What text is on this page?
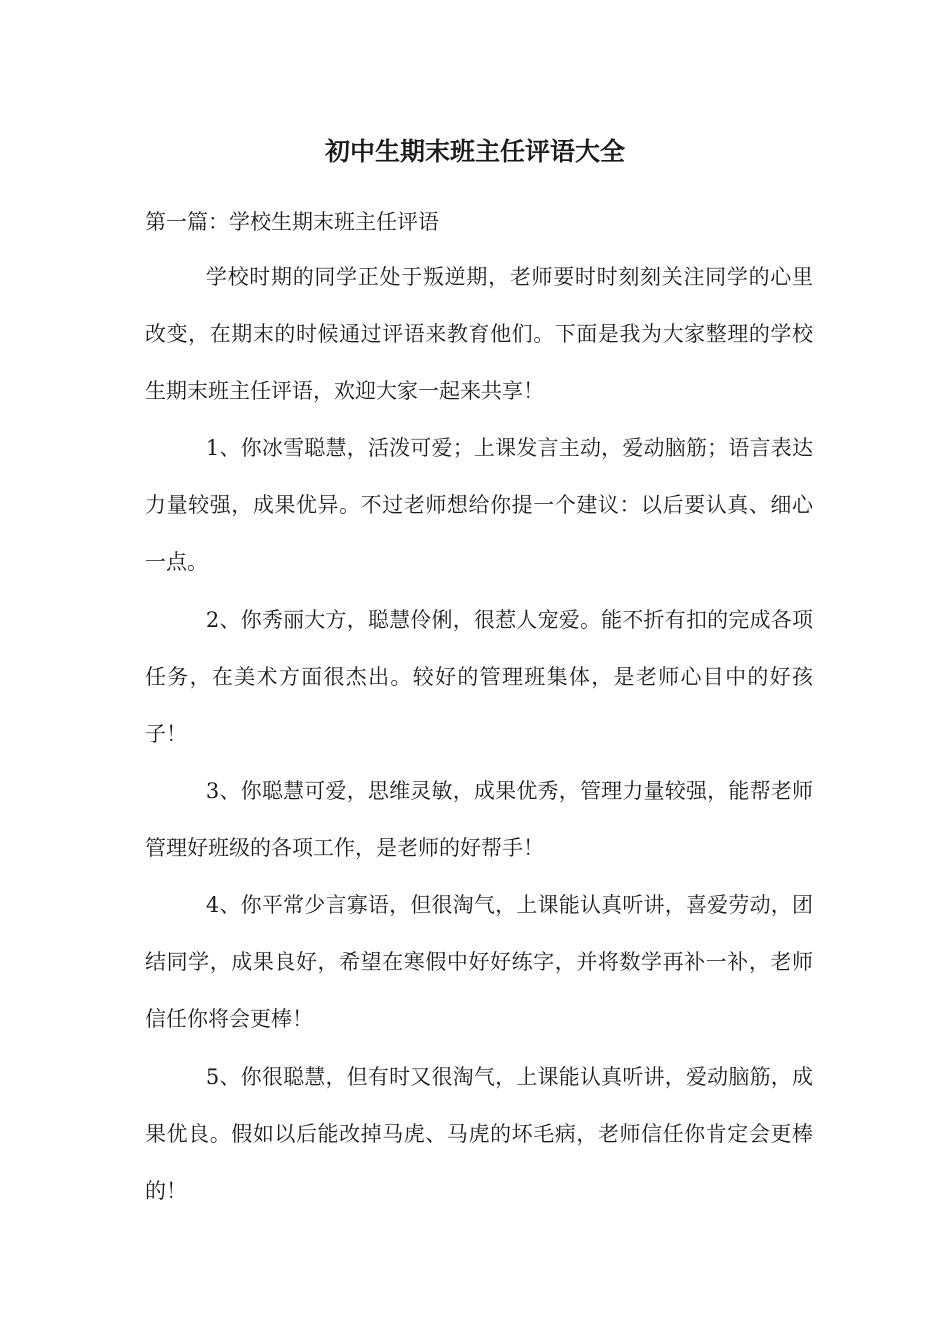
初中生期末班主任评语大全
第一篇：学校生期末班主任评语

学校时期的同学正处于叛逆期，老师要时时刻刻关注同学的心里改变，在期末的时候通过评语来教育他们。下面是我为大家整理的学校生期末班主任评语，欢迎大家一起来共享！

1、你冰雪聪慧，活泼可爱；上课发言主动，爱动脑筋；语言表达力量较强，成果优异。不过老师想给你提一个建议：以后要认真、细心一点。

2、你秀丽大方，聪慧伶俐，很惹人宠爱。能不折有扣的完成各项任务，在美术方面很杰出。较好的管理班集体，是老师心目中的好孩子！

3、你聪慧可爱，思维灵敏，成果优秀，管理力量较强，能帮老师管理好班级的各项工作，是老师的好帮手！

4、你平常少言寡语，但很淘气，上课能认真听讲，喜爱劳动，团结同学，成果良好，希望在寒假中好好练字，并将数学再补一补，老师信任你将会更棒！

5、你很聪慧，但有时又很淘气，上课能认真听讲，爱动脑筋，成果优良。假如以后能改掉马虎、马虎的坏毛病，老师信任你肯定会更棒的！
